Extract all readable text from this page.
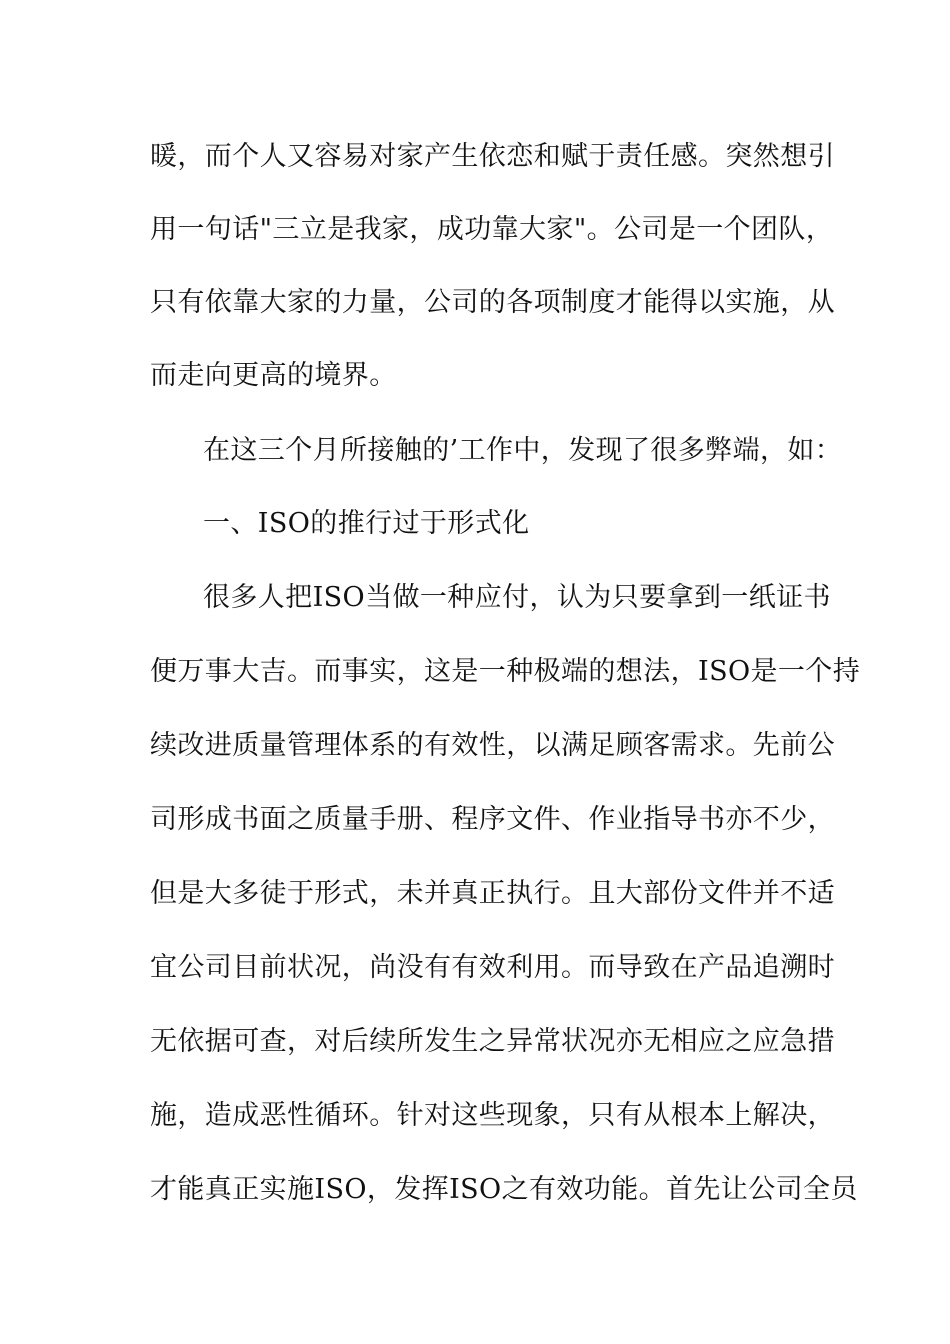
暖，而个人又容易对家产生依恋和赋于责任感。突然想引
用一句话"三立是我家，成功靠大家"。公司是一个团队，
只有依靠大家的力量，公司的各项制度才能得以实施，从
而走向更高的境界。
在这三个月所接触的’工作中，发现了很多弊端，如：
一、ISO的推行过于形式化
很多人把ISO当做一种应付，认为只要拿到一纸证书
便万事大吉。而事实，这是一种极端的想法，ISO是一个持
续改进质量管理体系的有效性，以满足顾客需求。先前公
司形成书面之质量手册、程序文件、作业指导书亦不少，
但是大多徒于形式，未并真正执行。且大部份文件并不适
宜公司目前状况，尚没有有效利用。而导致在产品追溯时
无依据可查，对后续所发生之异常状况亦无相应之应急措
施，造成恶性循环。针对这些现象，只有从根本上解决，
才能真正实施ISO，发挥ISO之有效功能。首先让公司全员
